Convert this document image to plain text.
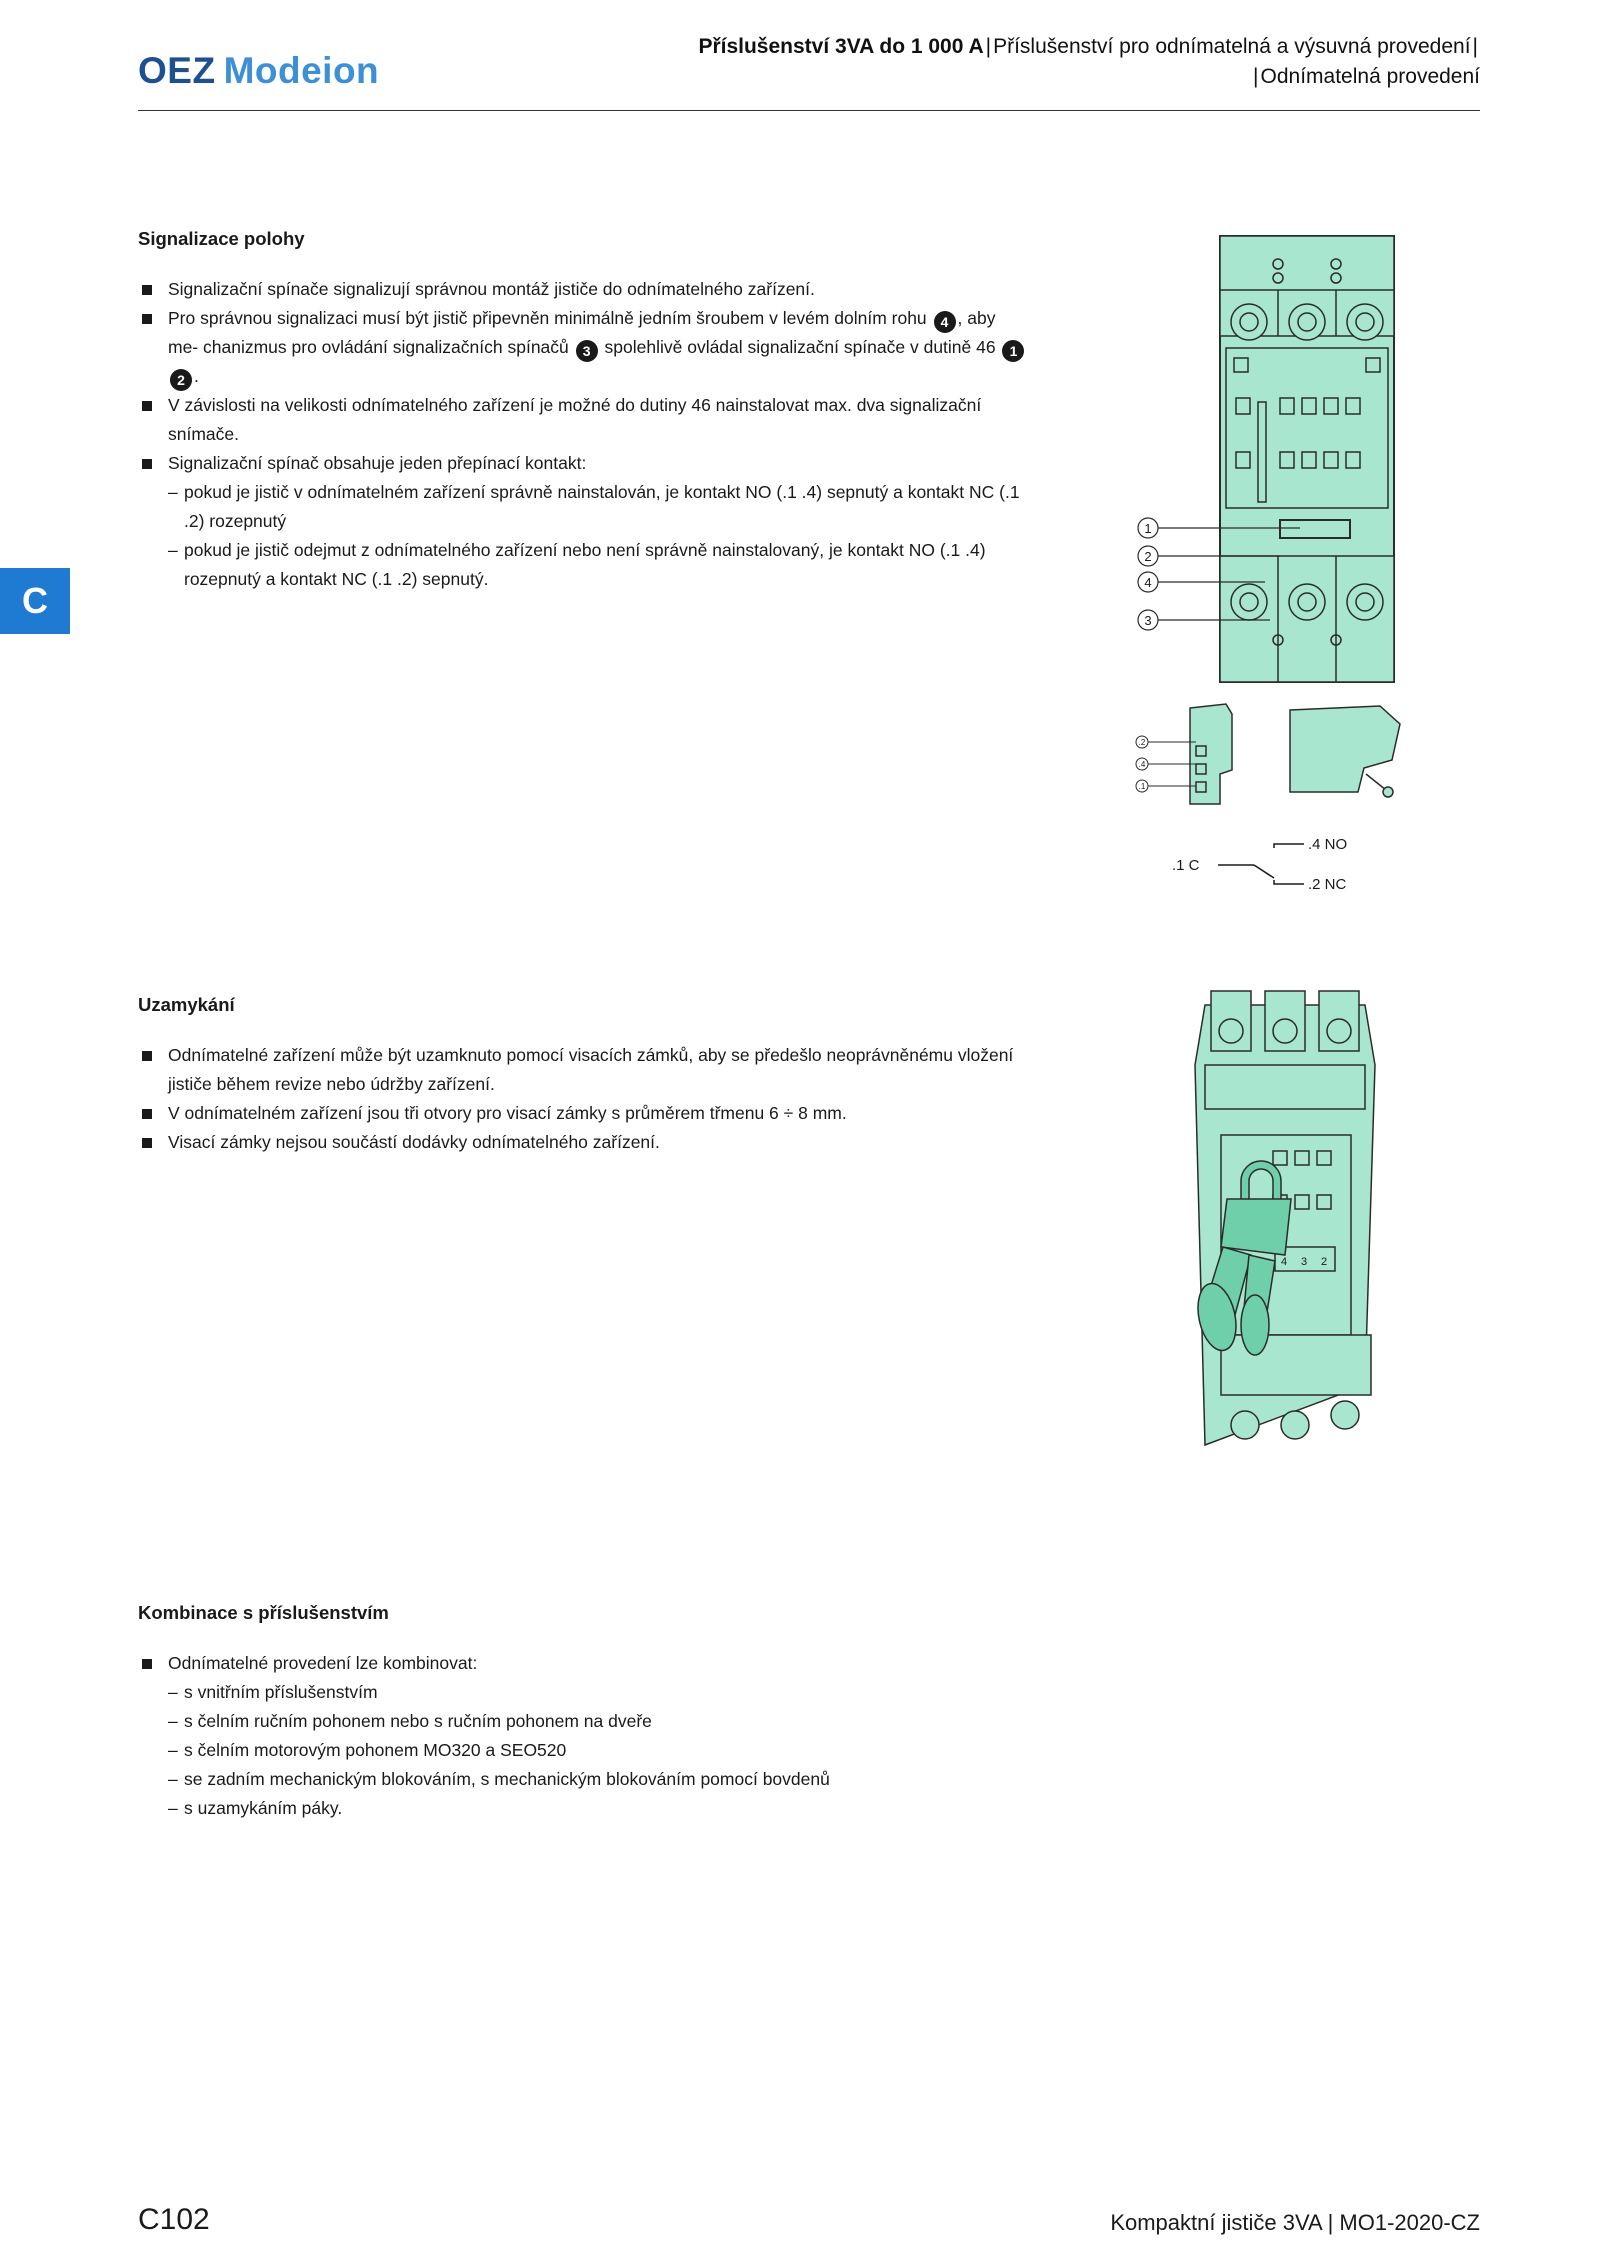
OEZ Modeion
Příslušenství 3VA do 1 000 A|Příslušenství pro odnímatelná a výsuvná provedení|
|Odnímatelná provedení
C
Signalizace polohy

Signalizační spínače signalizují správnou montáž jističe do odnímatelného zařízení.

Pro správnou signalizaci musí být jistič připevněn minimálně jedním šroubem v levém dolním rohu 4 , aby me- chanizmus pro ovládání signalizačních spínačů 3 spolehlivě ovládal signalizační spínače v dutině 46 12 .

V závislosti na velikosti odnímatelného zařízení je možné do dutiny 46 nainstalovat max. dva signalizační snímače.

Signalizační spínač obsahuje jeden přepínací kontakt:

– pokud je jistič v odnímatelném zařízení správně nainstalován, je kontakt NO (.1 .4) sepnutý a kontakt NC (.1 .2) rozepnutý

– pokud je jistič odejmut z odnímatelného zařízení nebo není správně nainstalovaný, je kontakt NO (.1 .4) rozepnutý a kontakt NC (.1 .2) sepnutý.

1
2
4
3
.2
.4
.1
.1 C
.4 NO
.2 NC
Uzamykání

Odnímatelné zařízení může být uzamknuto pomocí visacích zámků, aby se předešlo neoprávněnému vložení jističe během revize nebo údržby zařízení.

V odnímatelném zařízení jsou tři otvory pro visací zámky s průměrem třmenu 6 ÷ 8 mm.

Visací zámky nejsou součástí dodávky odnímatelného zařízení.

4 3 2
Kombinace s příslušenstvím

Odnímatelné provedení lze kombinovat:

– s vnitřním příslušenstvím

– s čelním ručním pohonem nebo s ručním pohonem na dveře

– s čelním motorovým pohonem MO320 a SEO520

– se zadním mechanickým blokováním, s mechanickým blokováním pomocí bovdenů

– s uzamykáním páky.

C102	Kompaktní jističe 3VA | MO1-2020-CZ
